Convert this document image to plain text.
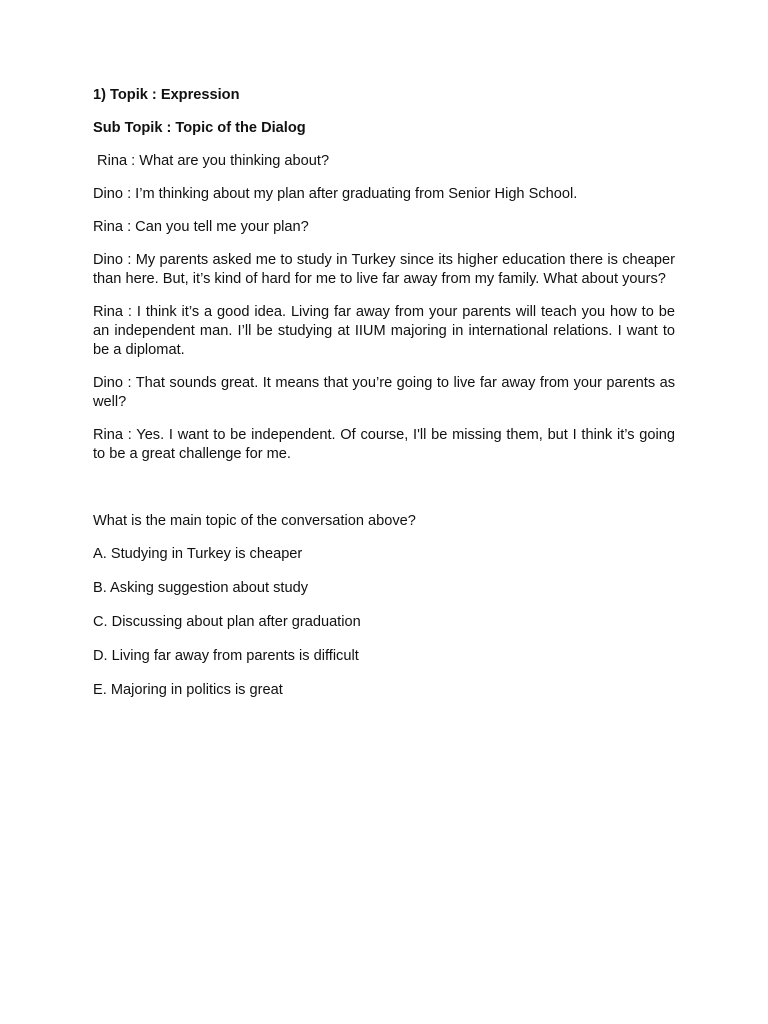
1) Topik : Expression
Sub Topik : Topic of the Dialog
Rina : What are you thinking about?
Dino : I’m thinking about my plan after graduating from Senior High School.
Rina : Can you tell me your plan?
Dino : My parents asked me to study in Turkey since its higher education there is cheaper than here. But, it’s kind of hard for me to live far away from my family. What about yours?
Rina : I think it’s a good idea. Living far away from your parents will teach you how to be an independent man. I’ll be studying at IIUM majoring in international relations. I want to be a diplomat.
Dino : That sounds great. It means that you’re going to live far away from your parents as well?
Rina : Yes. I want to be independent. Of course, I'll be missing them, but I think it’s going to be a great challenge for me.
What is the main topic of the conversation above?
A. Studying in Turkey is cheaper
B. Asking suggestion about study
C. Discussing about plan after graduation
D. Living far away from parents is difficult
E. Majoring in politics is great
